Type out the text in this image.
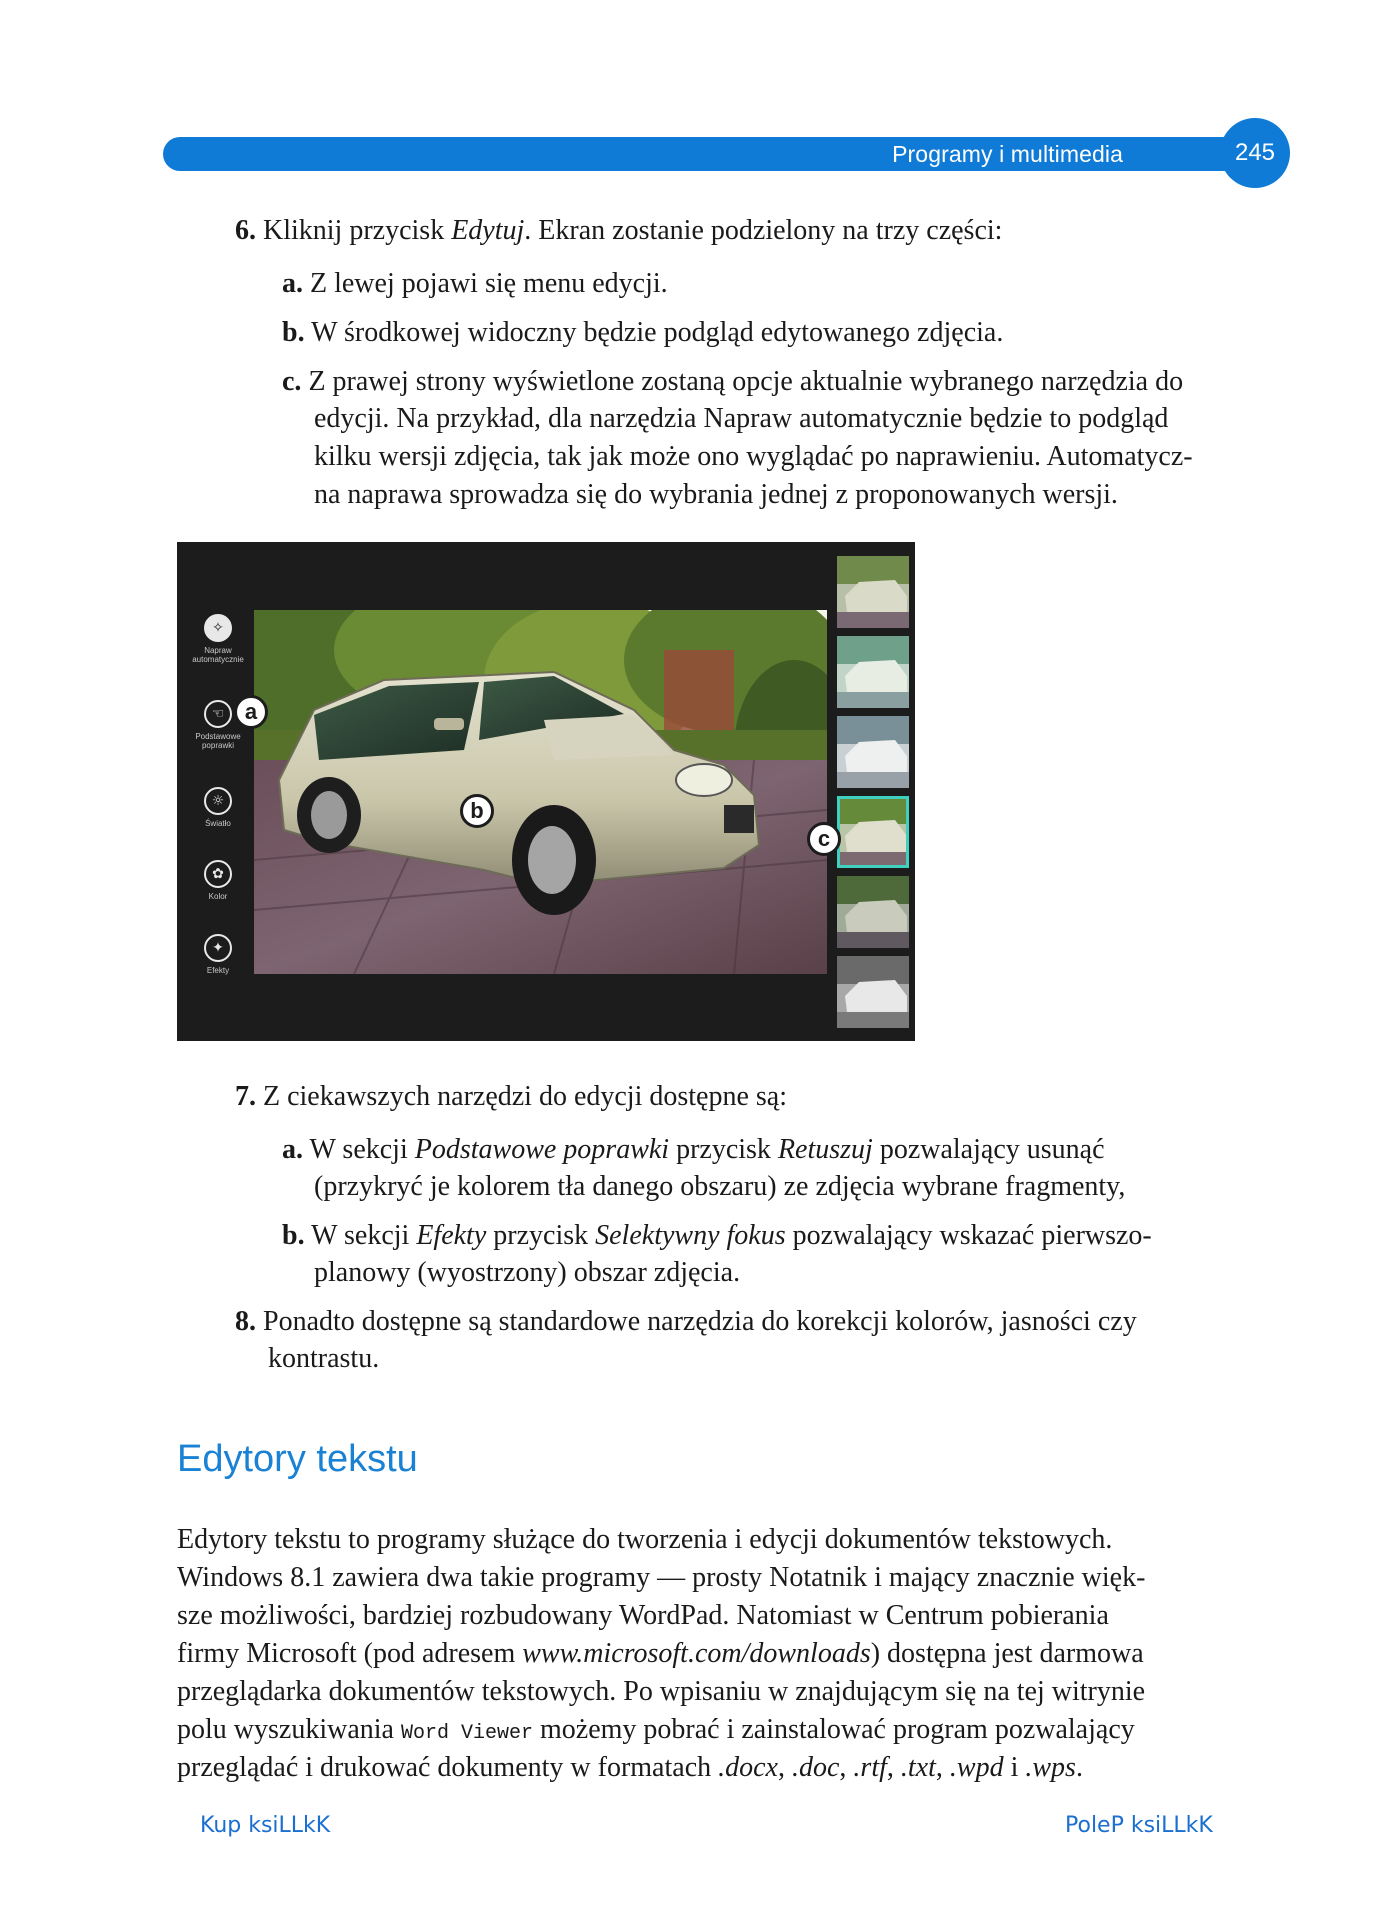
Programy i multimedia	245
6. Kliknij przycisk Edytuj. Ekran zostanie podzielony na trzy części:
a. Z lewej pojawi się menu edycji.
b. W środkowej widoczny będzie podgląd edytowanego zdjęcia.
c. Z prawej strony wyświetlone zostaną opcje aktualnie wybranego narzędzia do
edycji. Na przykład, dla narzędzia Napraw automatycznie będzie to podgląd
kilku wersji zdjęcia, tak jak może ono wyglądać po naprawieniu. Automatycz-
na naprawa sprowadza się do wybrania jednej z proponowanych wersji.
✧
Napraw automatycznie
☜
Podstawowe poprawki
☼
Światło
✿
Kolor
✦
Efekty
a
b
c
7. Z ciekawszych narzędzi do edycji dostępne są:
a. W sekcji Podstawowe poprawki przycisk Retuszuj pozwalający usunąć
(przykryć je kolorem tła danego obszaru) ze zdjęcia wybrane fragmenty,
b. W sekcji Efekty przycisk Selektywny fokus pozwalający wskazać pierwszo-
planowy (wyostrzony) obszar zdjęcia.
8. Ponadto dostępne są standardowe narzędzia do korekcji kolorów, jasności czy
kontrastu.
Edytory tekstu
Edytory tekstu to programy służące do tworzenia i edycji dokumentów tekstowych.
Windows 8.1 zawiera dwa takie programy — prosty Notatnik i mający znacznie więk-
sze możliwości, bardziej rozbudowany WordPad. Natomiast w Centrum pobierania
firmy Microsoft (pod adresem www.microsoft.com/downloads) dostępna jest darmowa
przeglądarka dokumentów tekstowych. Po wpisaniu w znajdującym się na tej witrynie
polu wyszukiwania Word Viewer możemy pobrać i zainstalować program pozwalający
przeglądać i drukować dokumenty w formatach .docx, .doc, .rtf, .txt, .wpd i .wps.
Kup ksiLLkK	PoleP ksiLLkK
